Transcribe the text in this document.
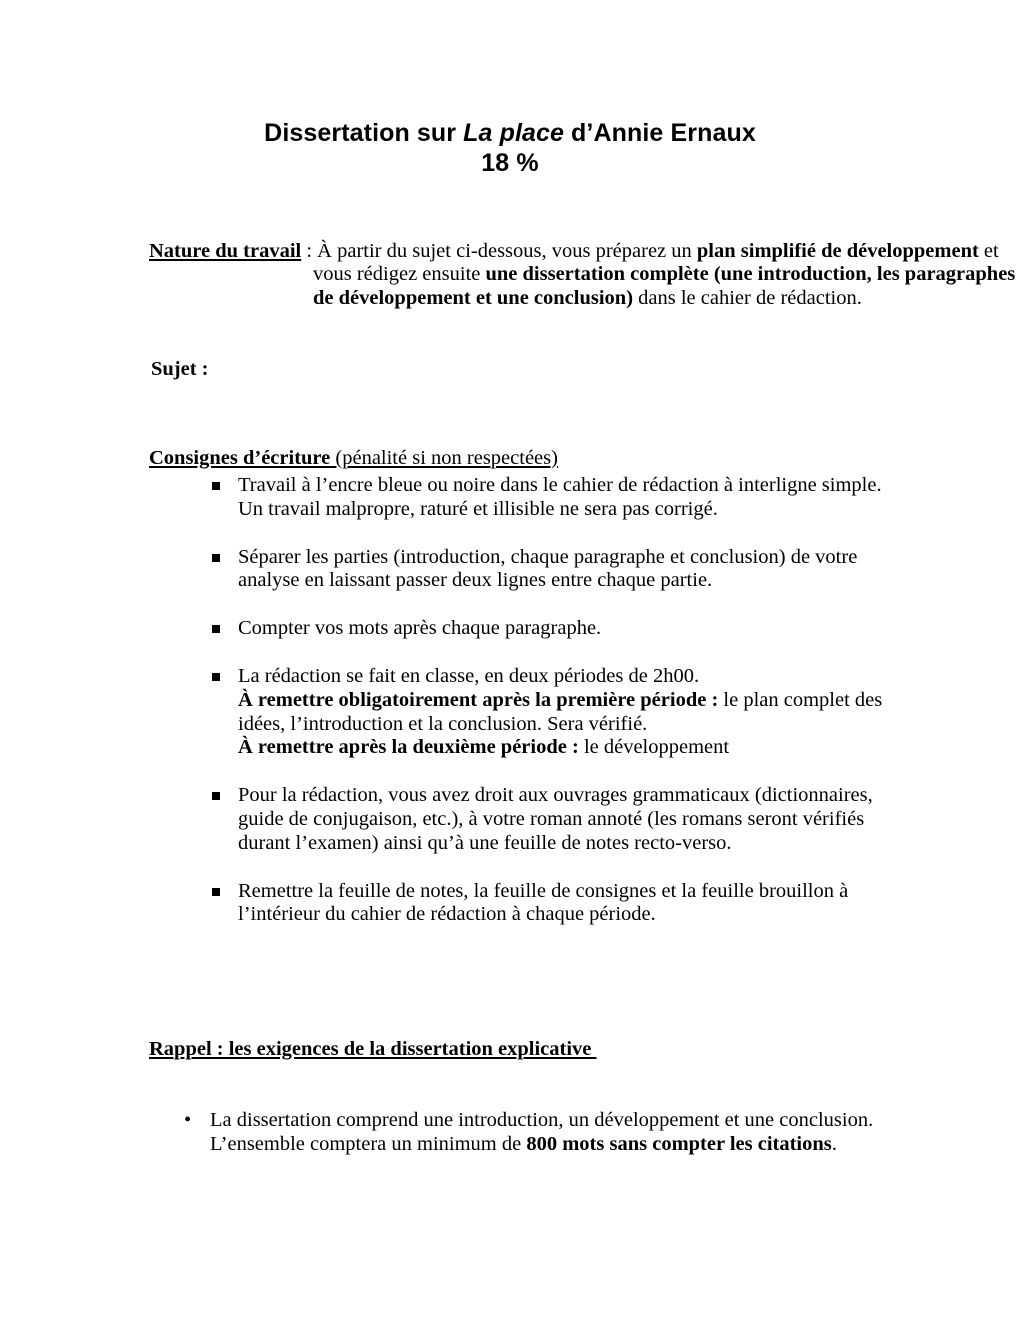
Dissertation sur La place d’Annie Ernaux
18 %

Nature du travail : À partir du sujet ci-dessous, vous préparez un plan simplifié de développement et vous rédigez ensuite une dissertation complète (une introduction, les paragraphes de développement et une conclusion) dans le cahier de rédaction.

Sujet :

Consignes d’écriture (pénalité si non respectées)

Travail à l’encre bleue ou noire dans le cahier de rédaction à interligne simple. Un travail malpropre, raturé et illisible ne sera pas corrigé.
Séparer les parties (introduction, chaque paragraphe et conclusion) de votre analyse en laissant passer deux lignes entre chaque partie.
Compter vos mots après chaque paragraphe.
La rédaction se fait en classe, en deux périodes de 2h00.
À remettre obligatoirement après la première période : le plan complet des idées, l’introduction et la conclusion. Sera vérifié.
À remettre après la deuxième période : le développement
Pour la rédaction, vous avez droit aux ouvrages grammaticaux (dictionnaires, guide de conjugaison, etc.), à votre roman annoté (les romans seront vérifiés durant l’examen) ainsi qu’à une feuille de notes recto-verso.
Remettre la feuille de notes, la feuille de consignes et la feuille brouillon à l’intérieur du cahier de rédaction à chaque période.

Rappel : les exigences de la dissertation explicative

• La dissertation comprend une introduction, un développement et une conclusion. L’ensemble comptera un minimum de 800 mots sans compter les citations.
